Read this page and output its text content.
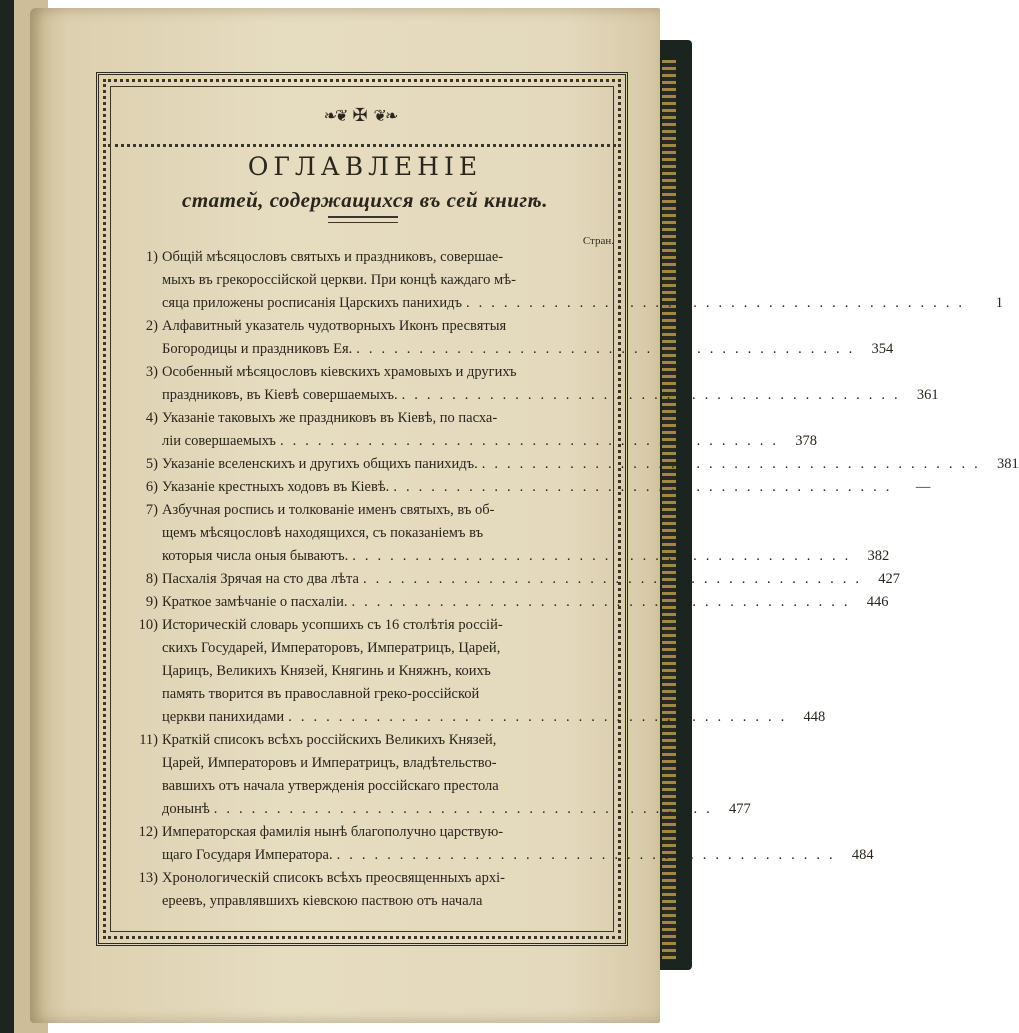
❧❦ ✠ ❦❧
ОГЛАВЛЕНІЕ
статей, содержащихся въ сей книгѣ.
Стран.
1) Общій мѣсяцословъ святыхъ и праздниковъ, совершае-
мыхъ въ грекороссійской церкви. При концѣ каждаго мѣ-
сяца приложены росписанія Царскихъ панихидъ ........................................	1
2) Алфавитный указатель чудотворныхъ Иконъ пресвятыя
Богородицы и праздниковъ Ея. ........................................ 354
3) Особенный мѣсяцословъ кіевскихъ храмовыхъ и другихъ
праздниковъ, въ Кіевѣ совершаемыхъ. ........................................ 361
4) Указаніе таковыхъ же праздниковъ въ Кіевѣ, по пасха-
ліи совершаемыхъ ........................................ 378
5) Указаніе вселенскихъ и другихъ общихъ панихидъ. ........................................ 381
6) Указаніе крестныхъ ходовъ въ Кіевѣ. ........................................	—
7) Азбучная роспись и толкованіе именъ святыхъ, въ об-
щемъ мѣсяцословѣ находящихся, съ показаніемъ въ
которыя числа оныя бываютъ. ........................................ 382
8) Пасхалія Зрячая на сто два лѣта ........................................ 427
9) Краткое замѣчаніе о пасхаліи. ........................................ 446
10) Историческій словарь усопшихъ съ 16 столѣтія россій-
скихъ Государей, Императоровъ, Императрицъ, Царей,
Царицъ, Великихъ Князей, Княгинь и Княжнъ, коихъ
память творится въ православной греко-россійской
церкви панихидами ........................................ 448
11) Краткій списокъ всѣхъ россійскихъ Великихъ Князей,
Царей, Императоровъ и Императрицъ, владѣтельство-
вавшихъ отъ начала утвержденія россійскаго престола
донынѣ ........................................ 477
12) Императорская фамилія нынѣ благополучно царствую-
щаго Государя Императора. ........................................ 484
13) Хронологическій списокъ всѣхъ преосвященныхъ архі-
ереевъ, управлявшихъ кіевскою паствою отъ начала
